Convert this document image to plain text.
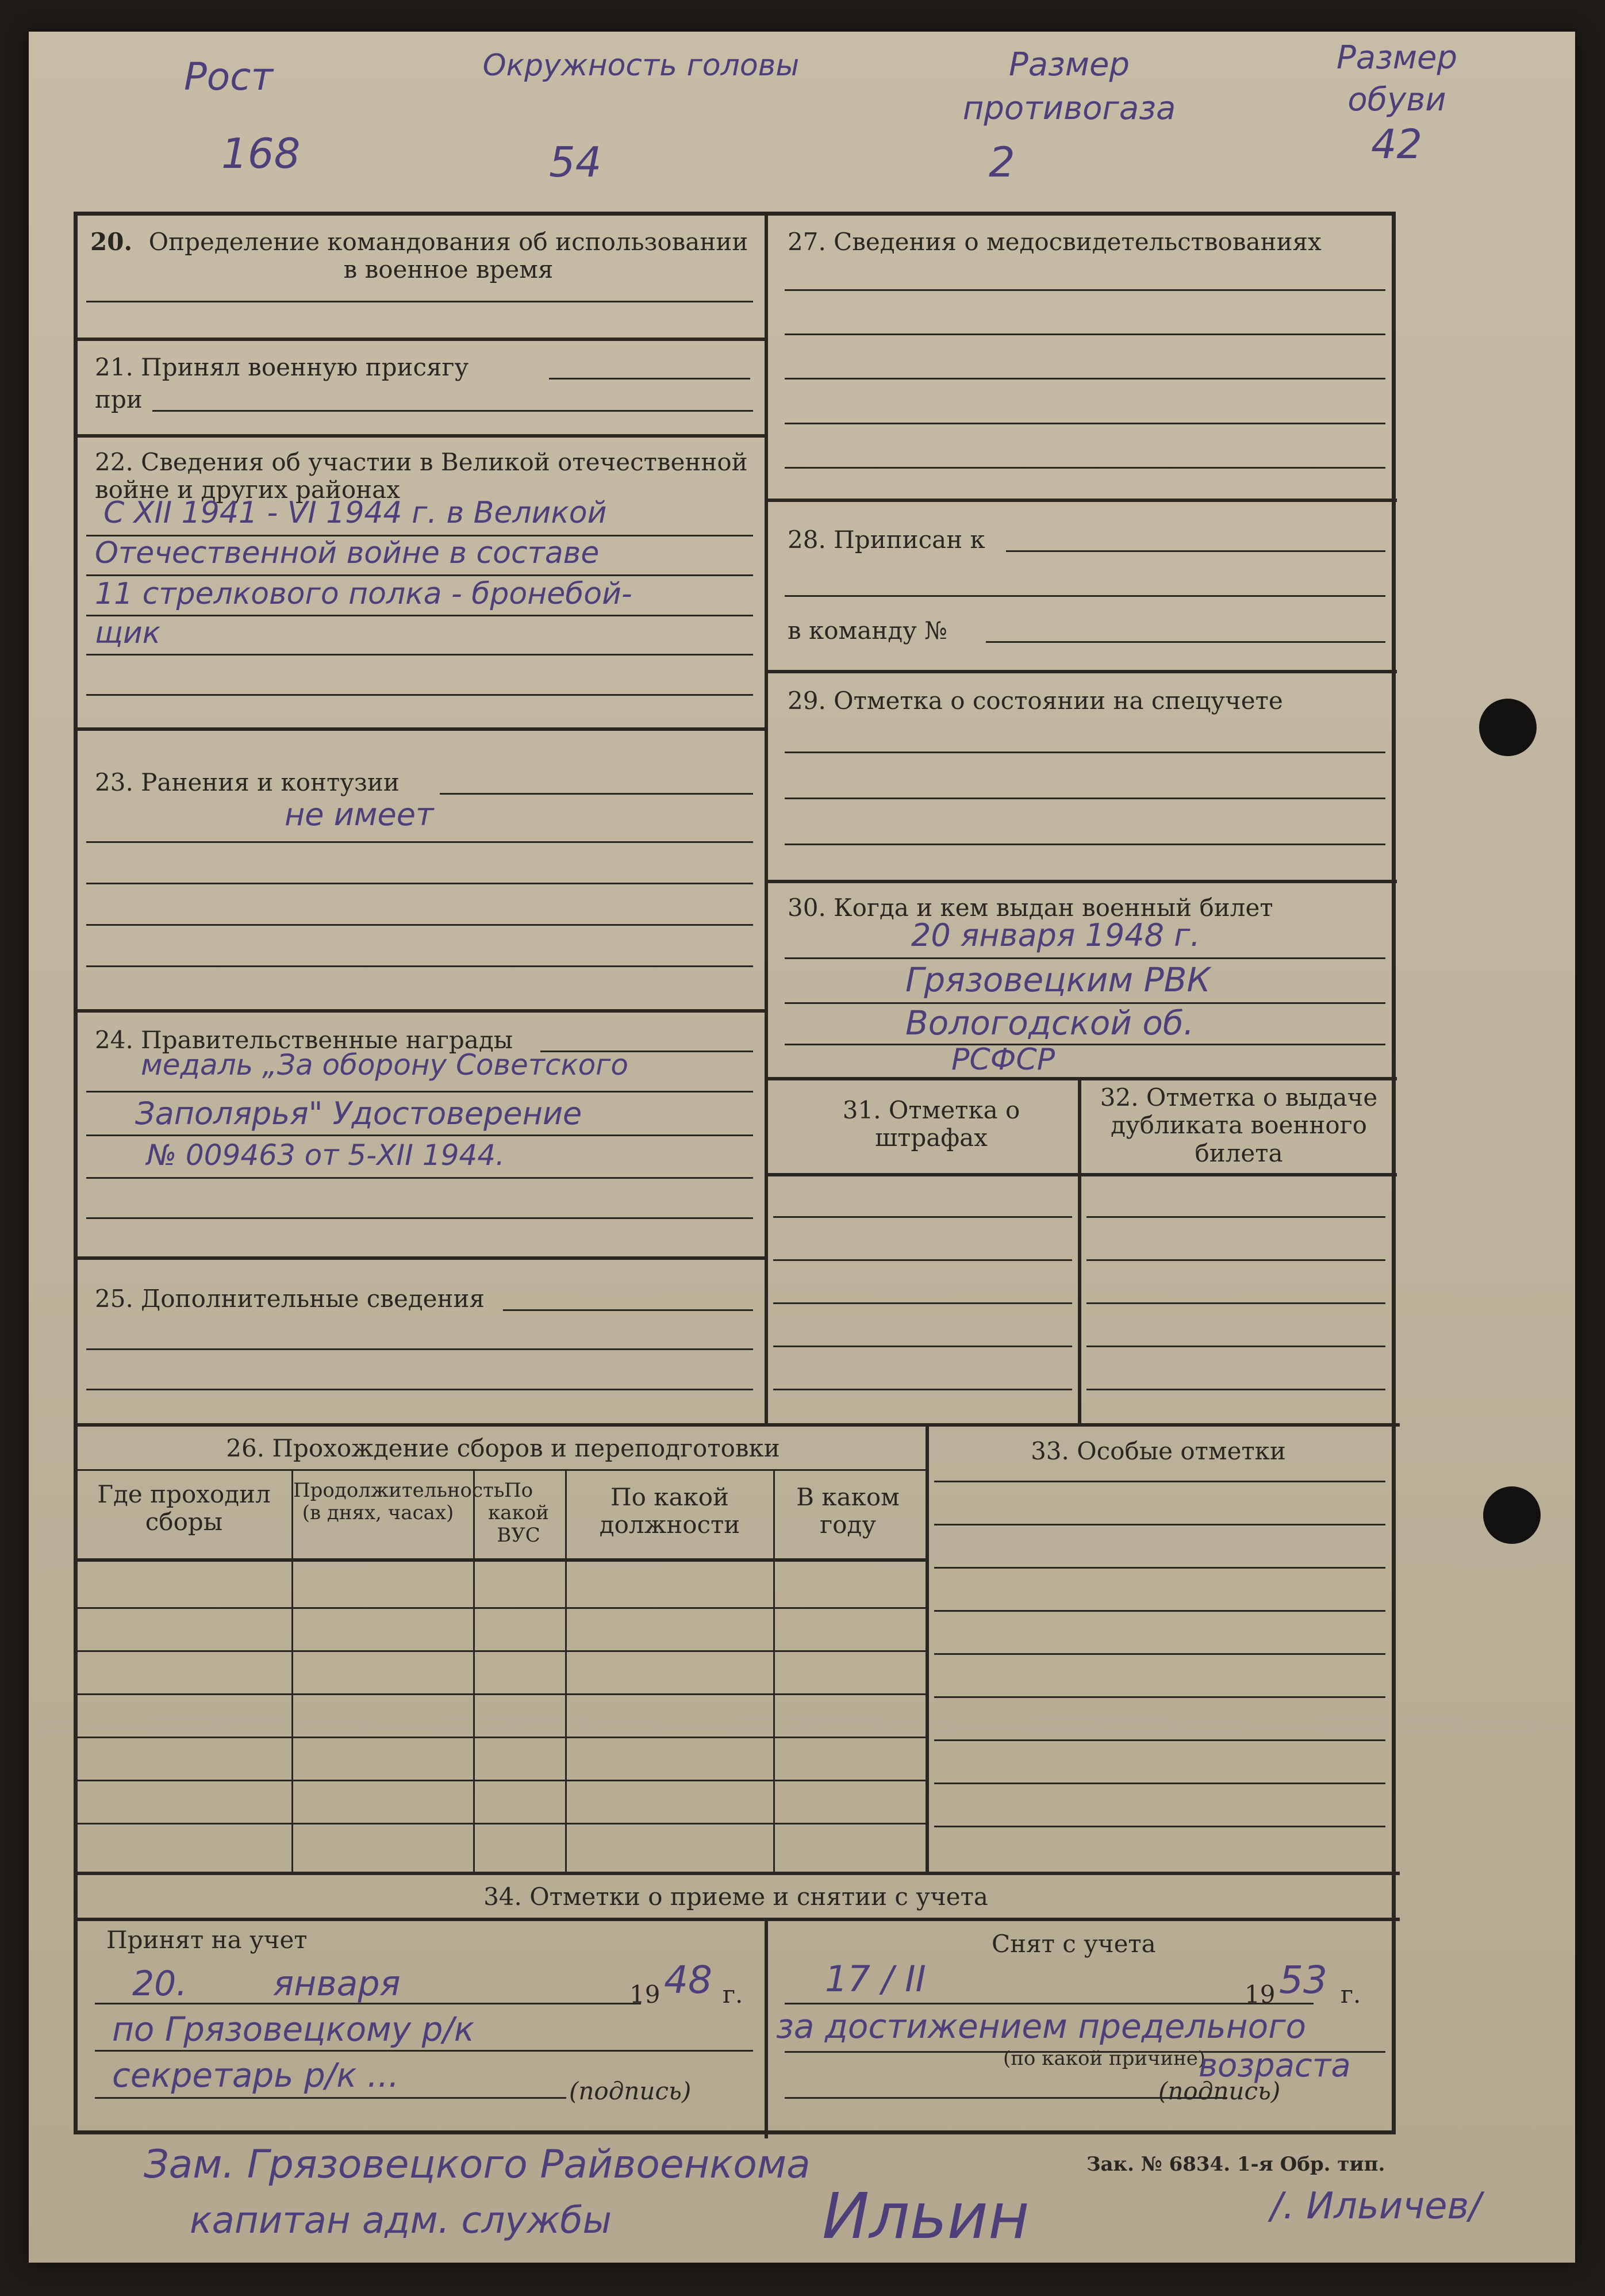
Рост
168
Окружность головы
54
Размер противогаза
2
Размер обуви
42
20. Определение командования об использовании в военное время
21. Принял военную присягу
при
22. Сведения об участии в Великой отечественной войне и других районах
С XII 1941 - VI 1944 г. в Великой
Отечественной войне в составе
11 стрелкового полка - бронебой-
щик
23. Ранения и контузии
не имеет
24. Правительственные награды
медаль „За оборону Советского
Заполярья" Удостоверение
№ 009463 от 5-XII 1944.
25. Дополнительные сведения
27. Сведения о медосвидетельствованиях
28. Приписан к
в команду №
29. Отметка о состоянии на спецучете
30. Когда и кем выдан военный билет
20 января 1948 г.
Грязовецким РВК
Вологодской об.
РСФСР
31. Отметка о штрафах
32. Отметка о выдаче дубликата военного билета
26. Прохождение сборов и переподготовки
Где проходил сборы
Продолжительность (в днях, часах)
По какой ВУС
По какой должности
В каком году
33. Особые отметки
34. Отметки о приеме и снятии с учета
Принят на учет
20. января	19 48 г.
по Грязовецкому р/к
секретарь р/к ...	(подпись)
Снят с учета
17 / II	19 53 г.
за достижением предельного
(по какой причине)
возраста
(подпись)
Зам. Грязовецкого Райвоенкома
капитан адм. службы	Ильин	/. Ильичев/
Зак. № 6834. 1-я Обр. тип.
